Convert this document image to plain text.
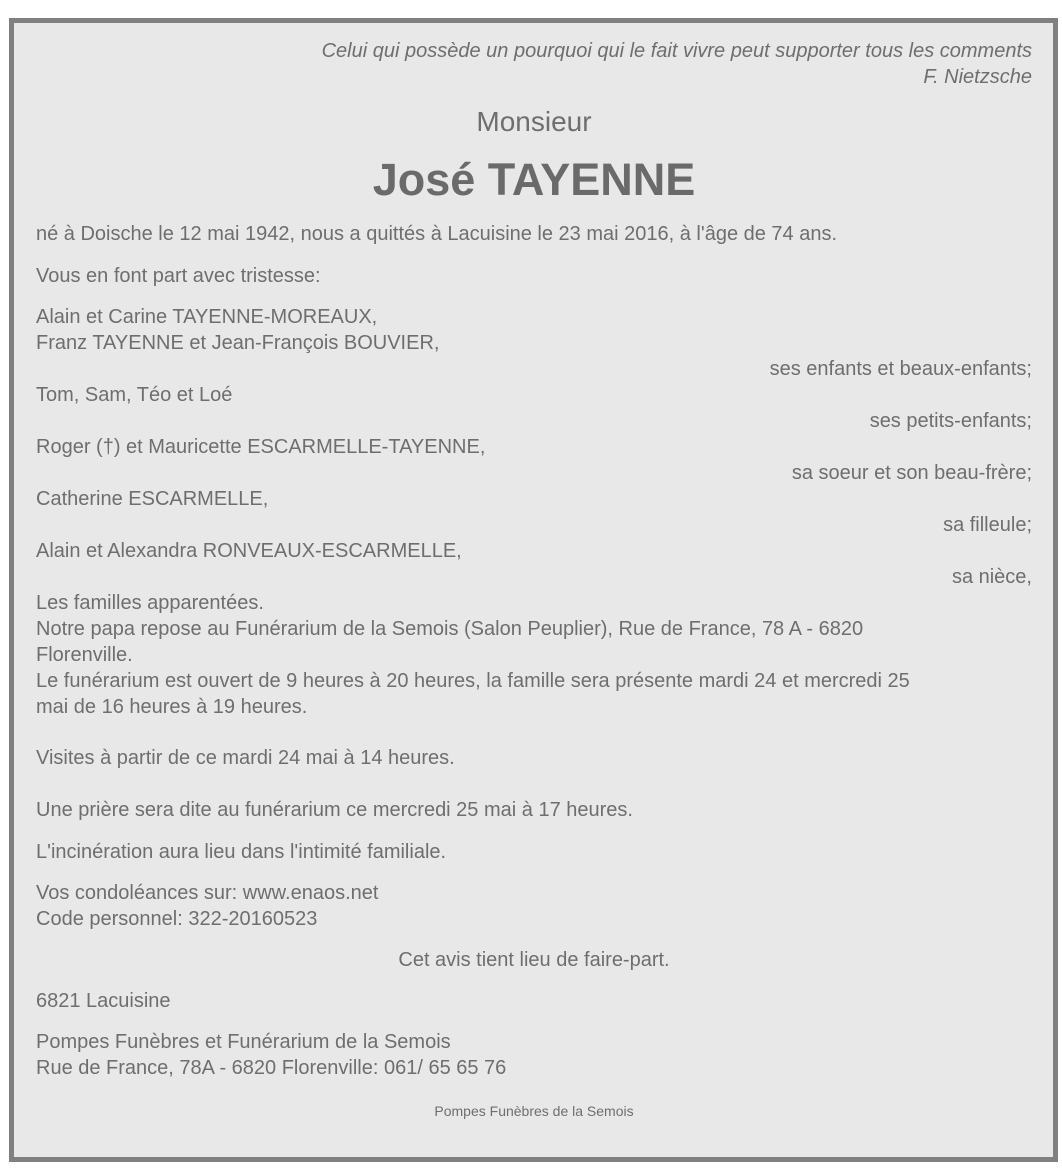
Celui qui possède un pourquoi qui le fait vivre peut supporter tous les comments
F. Nietzsche
Monsieur
José TAYENNE
né à Doische le 12 mai 1942, nous a quittés à Lacuisine le 23 mai 2016, à l'âge de 74 ans.
Vous en font part avec tristesse:
Alain et Carine TAYENNE-MOREAUX,
Franz TAYENNE et Jean-François BOUVIER,
ses enfants et beaux-enfants;
Tom, Sam, Téo et Loé
ses petits-enfants;
Roger (†) et Mauricette ESCARMELLE-TAYENNE,
sa soeur et son beau-frère;
Catherine ESCARMELLE,
sa filleule;
Alain et Alexandra RONVEAUX-ESCARMELLE,
sa nièce,
Les familles apparentées.
Notre papa repose au Funérarium de la Semois (Salon Peuplier), Rue de France, 78 A - 6820
Florenville.
Le funérarium est ouvert de 9 heures à 20 heures, la famille sera présente mardi 24 et mercredi 25
mai de 16 heures à 19 heures.
Visites à partir de ce mardi 24 mai à 14 heures.
Une prière sera dite au funérarium ce mercredi 25 mai à 17 heures.
L'incinération aura lieu dans l'intimité familiale.
Vos condoléances sur: www.enaos.net
Code personnel: 322-20160523
Cet avis tient lieu de faire-part.
6821 Lacuisine
Pompes Funèbres et Funérarium de la Semois
Rue de France, 78A - 6820 Florenville: 061/ 65 65 76
Pompes Funèbres de la Semois
